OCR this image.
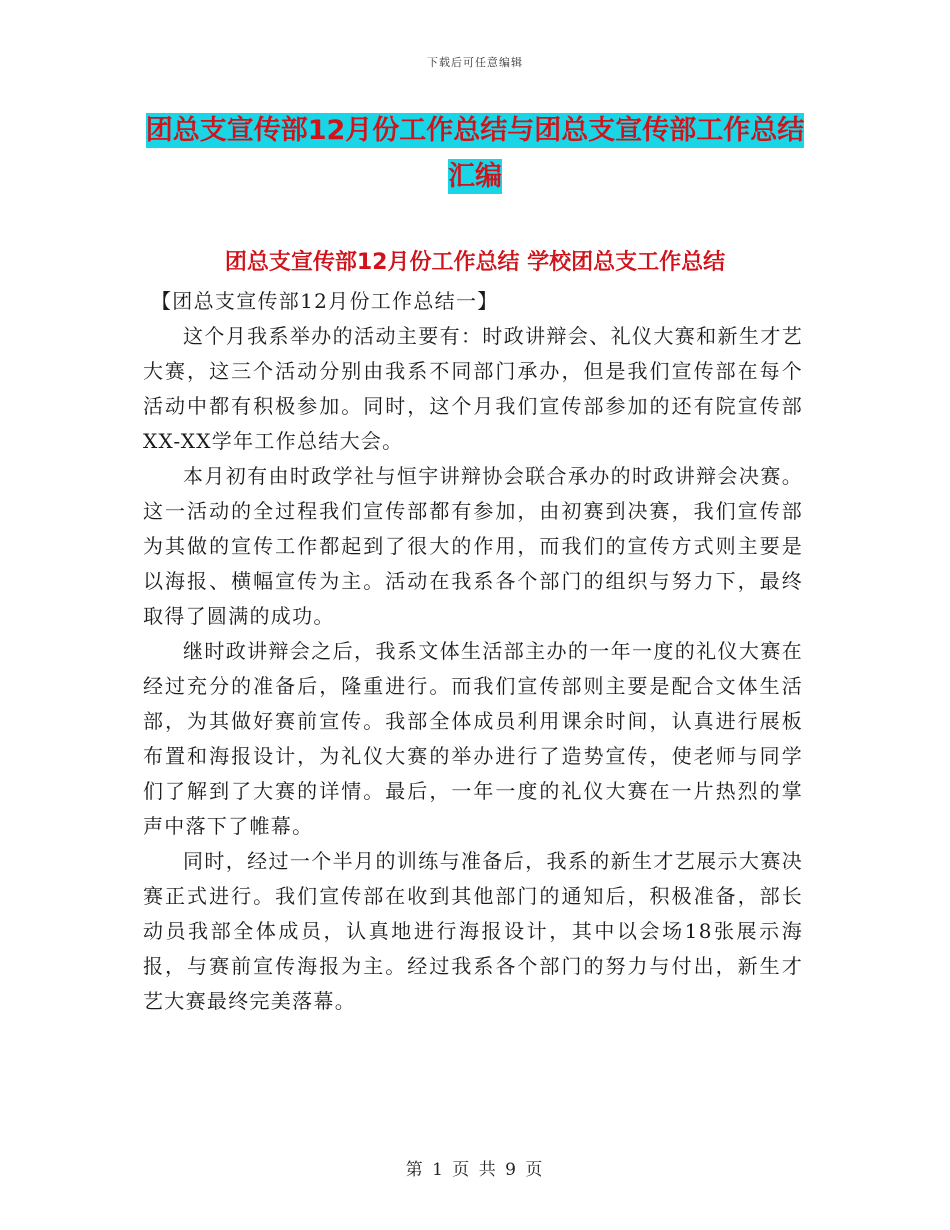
下载后可任意编辑
团总支宣传部12月份工作总结与团总支宣传部工作总结汇编
团总支宣传部12月份工作总结 学校团总支工作总结

【团总支宣传部12月份工作总结一】

这个月我系举办的活动主要有：时政讲辩会、礼仪大赛和新生才艺大赛，这三个活动分别由我系不同部门承办，但是我们宣传部在每个活动中都有积极参加。同时，这个月我们宣传部参加的还有院宣传部XX-XX学年工作总结大会。

本月初有由时政学社与恒宇讲辩协会联合承办的时政讲辩会决赛。这一活动的全过程我们宣传部都有参加，由初赛到决赛，我们宣传部为其做的宣传工作都起到了很大的作用，而我们的宣传方式则主要是以海报、横幅宣传为主。活动在我系各个部门的组织与努力下，最终取得了圆满的成功。

继时政讲辩会之后，我系文体生活部主办的一年一度的礼仪大赛在经过充分的准备后，隆重进行。而我们宣传部则主要是配合文体生活部，为其做好赛前宣传。我部全体成员利用课余时间，认真进行展板布置和海报设计，为礼仪大赛的举办进行了造势宣传，使老师与同学们了解到了大赛的详情。最后，一年一度的礼仪大赛在一片热烈的掌声中落下了帷幕。

同时，经过一个半月的训练与准备后，我系的新生才艺展示大赛决赛正式进行。我们宣传部在收到其他部门的通知后，积极准备，部长动员我部全体成员，认真地进行海报设计，其中以会场18张展示海报，与赛前宣传海报为主。经过我系各个部门的努力与付出，新生才艺大赛最终完美落幕。

第 1 页 共 9 页
